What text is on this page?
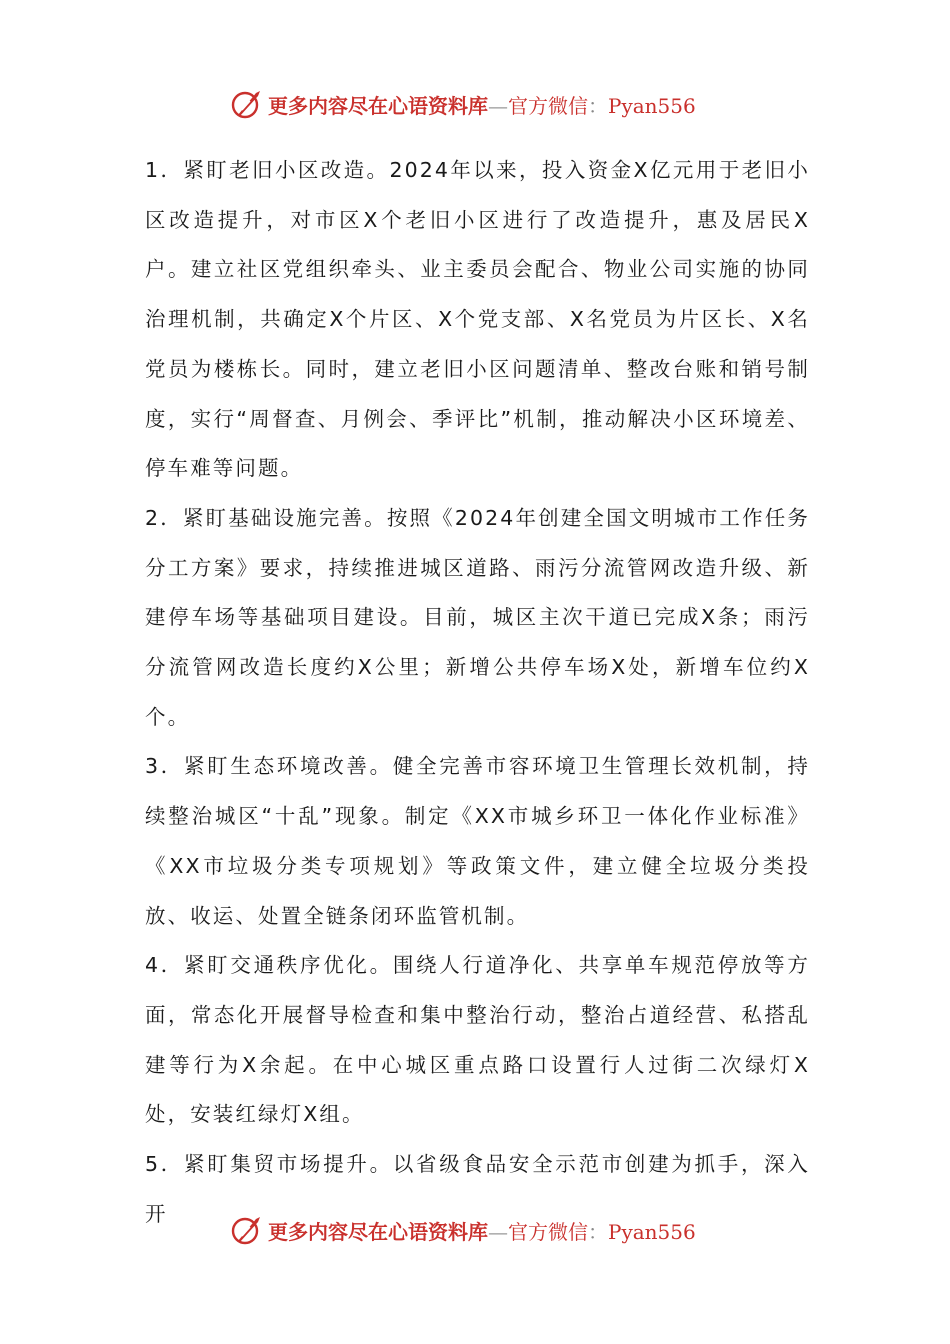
更多内容尽在心语资料库—官方微信：Pyan556

1．紧盯老旧小区改造。2024年以来，投入资金X亿元用于老旧小区改造提升，对市区X个老旧小区进行了改造提升，惠及居民X户。建立社区党组织牵头、业主委员会配合、物业公司实施的协同治理机制，共确定X个片区、X个党支部、X名党员为片区长、X名党员为楼栋长。同时，建立老旧小区问题清单、整改台账和销号制度，实行“周督查、月例会、季评比”机制，推动解决小区环境差、停车难等问题。

2．紧盯基础设施完善。按照《2024年创建全国文明城市工作任务分工方案》要求，持续推进城区道路、雨污分流管网改造升级、新建停车场等基础项目建设。目前，城区主次干道已完成X条；雨污分流管网改造长度约X公里；新增公共停车场X处，新增车位约X个。

3．紧盯生态环境改善。健全完善市容环境卫生管理长效机制，持续整治城区“十乱”现象。制定《XX市城乡环卫一体化作业标准》《XX市垃圾分类专项规划》等政策文件，建立健全垃圾分类投放、收运、处置全链条闭环监管机制。

4．紧盯交通秩序优化。围绕人行道净化、共享单车规范停放等方面，常态化开展督导检查和集中整治行动，整治占道经营、私搭乱建等行为X余起。在中心城区重点路口设置行人过街二次绿灯X处，安装红绿灯X组。

5．紧盯集贸市场提升。以省级食品安全示范市创建为抓手，深入开

更多内容尽在心语资料库—官方微信：Pyan556
